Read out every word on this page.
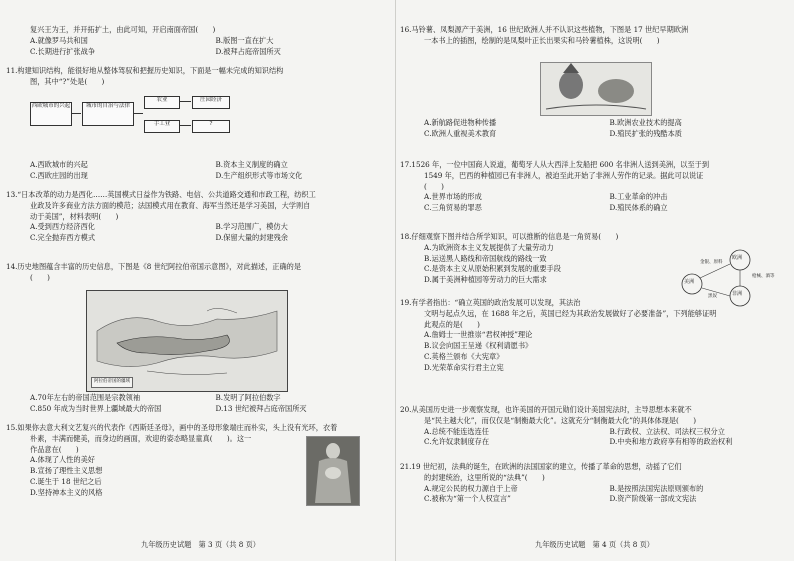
复兴王为王，并开拓扩土，由此可知，开启南面帝国(　　)
A.就像罗马共和国	B.版图一直在扩大
C.长期进行扩张战争	D.被拜占庭帝国所灭
11.构建知识结构，能很好地从整体驾驭和把握历史知识，下面是一幅未完成的知识结构
图，其中“?”处是(　　)
西欧城市的兴起	城市的自治与法律
农业
手工业
庄园经济
?
A.西欧城市的兴起	B.资本主义制度的确立
C.西欧庄园的出现	D.生产组织形式等市场文化
13.“日本改革的动力是西化……英国模式日益作为铁路、电信、公共道路交通和市政工程，纺织工
业政及许多商业方法方面的模范；法国模式用在教育、海军当然还是学习美国，大学则自
动于美国”，材料表明(　　)
A.受到西方经济西化	B.学习范围广，模仿大
C.完全抛弃西方模式	D.保留大量的封建残余
14.历史地图蕴含丰富的历史信息，下图是《8 世纪阿拉伯帝国示意图》，对此描述，正确的是
(　　)
阿拉伯帝国的疆域
A.70年左右的帝国范围是宗教领袖	B.发明了阿拉伯数字
C.850 年成为当时世界上疆域最大的帝国	D.13 世纪被拜占庭帝国所灭
15.如果你去意大利文艺复兴的代表作《西斯廷圣母》，画中的圣母形象端庄而朴实，头上没有光环，衣着
朴素，丰满而健美，而身边的画面，欢迎的姿态略显童真(　　)。这一
作品意在(　　)
A.体现了人性的美好
B.宣扬了理性主义思想
C.诞生于 18 世纪之后
D.坚持神本主义的风格
九年级历史试题　第 3 页（共 8 页）
16.马铃薯、凤梨源产于美洲，16 世纪欧洲人并不认识这些植物，下图是 17 世纪早期欧洲
一本书上的插图，绘制的是凤梨叶正长出果实和马铃薯植株，这说明(　　)
A.新航路促进物种传播	B.欧洲农业技术的提高
C.欧洲人重视美术教育	D.殖民扩张的残酷本质
17.1526 年，一位中国商人说道，葡萄牙人从大西洋上发船把 600 名非洲人送到美洲，以至于到
1549 年，巴西的种植园已有非洲人，被迫至此开始了非洲人劳作的记录。据此可以说证
(　　)
A.世界市场的形成	B.工业革命的冲击
C.三角贸易的罪恶	D.殖民体系的确立
18.仔细观察下图并结合所学知识，可以推断的信息是一角贸易(　　)
A.为欧洲资本主义发展提供了大量劳动力
B.运送黑人路线和帝国航线的路线一致
C.是资本主义从原始积累到发展的重要手段
D.属于美洲种植园等劳动力的巨大需求
欧洲
美洲
非洲
金银、原料
枪械、酒等
黑奴
19.有学者指出：“确立英国的政治发展可以发现，其法治
文明与起点久远，在 1688 年之后，英国已经为其政治发展做好了必要准备”，下列能够证明
此观点的是(　　)
A.詹姆士一世推崇“君权神授”理论
B.议会向国王呈递《权利请愿书》
C.英格兰颁布《大宪章》
D.光荣革命实行君主立宪
20.从美国历史进一步观察发现，也许美国的开国元勋们设计美国宪法时，主导思想本来就不
是“民主越大化”，而仅仅是“制衡最大化”。这就充分“制衡最大化”的具体体现是(　　)
A.总统不能连选连任	B.行政权、立法权、司法权三权分立
C.允许奴隶制度存在	D.中央和地方政府享有相等的政治权利
21.19 世纪初，法典的诞生，在欧洲的法国国家的建立，传播了革命的思想，动摇了它们
的封建统治，这里所说的“法典”(　　)
A.规定公民的权力源自于上帝	B.是按照法国宪法原则颁布的
C.被称为“第一个人权宣言”	D.资产阶级第一部成文宪法
九年级历史试题　第 4 页（共 8 页）
